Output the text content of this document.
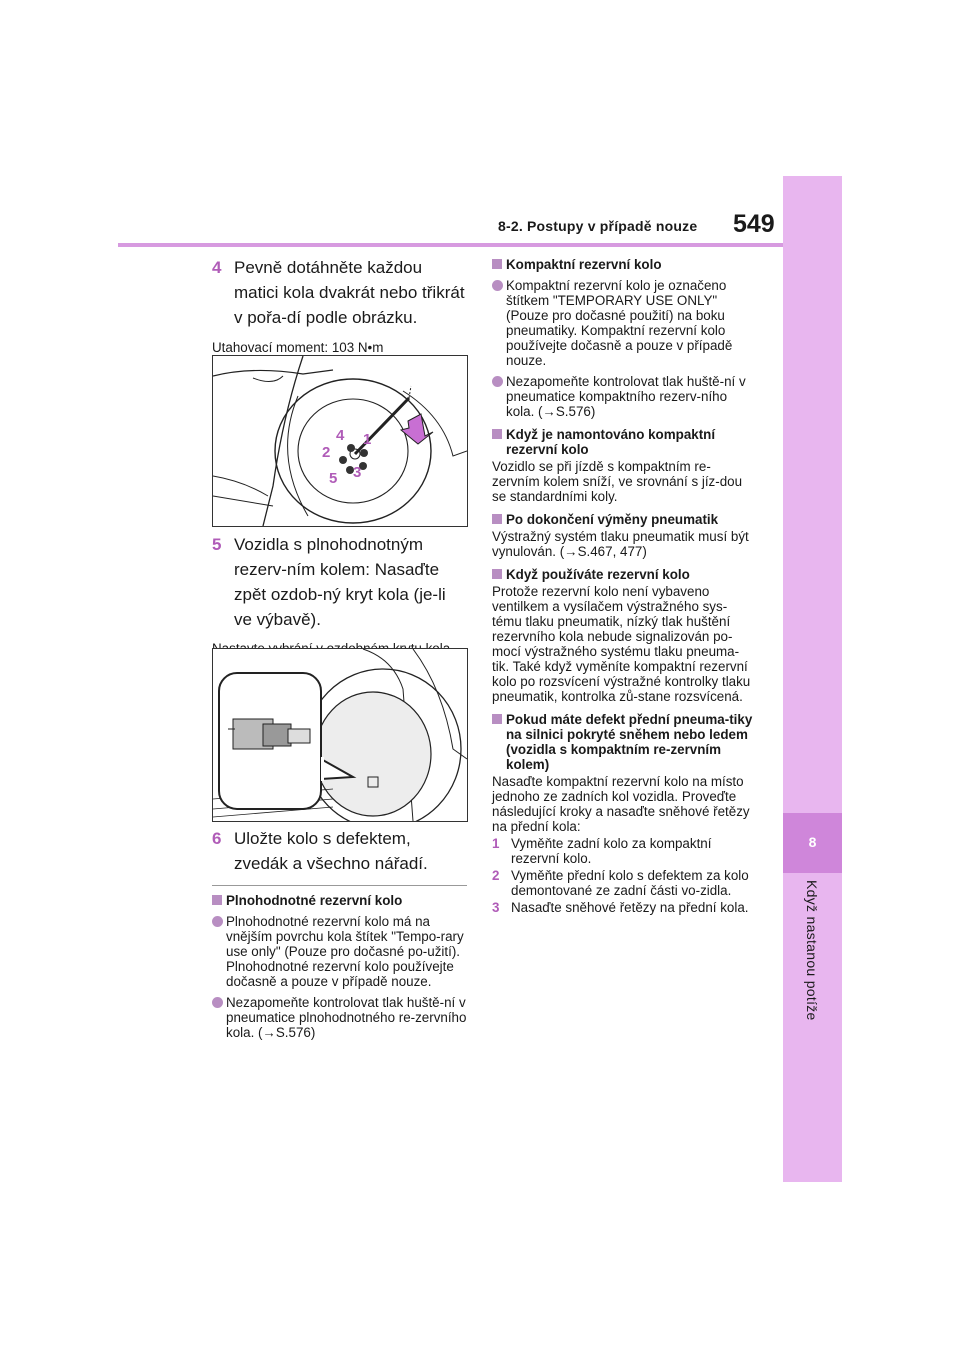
8-2. Postupy v případě nouze 549
8
Když nastanou potíže

4 Pevně dotáhněte každou matici kola dvakrát nebo třikrát v pořa-dí podle obrázku.

Utahovací moment: 103 N•m

1
2
3
4
5

5 Vozidla s plnohodnotným rezerv-ním kolem: Nasaďte zpět ozdob-ný kryt kola (je-li ve výbavě).

6 Uložte kolo s defektem, zvedák a všechno nářadí.

Plnohodnotné rezervní kolo

Plnohodnotné rezervní kolo má na vnějším povrchu kola štítek "Tempo-rary use only" (Pouze pro dočasné po-užití). Plnohodnotné rezervní kolo používejte dočasně a pouze v případě nouze.

Nezapomeňte kontrolovat tlak huště-ní v pneumatice plnohodnotného re-zervního kola. (→S.576)

Kompaktní rezervní kolo

Kompaktní rezervní kolo je označeno štítkem "TEMPORARY USE ONLY" (Pouze pro dočasné použití) na boku pneumatiky. Kompaktní rezervní kolo používejte dočasně a pouze v případě nouze.

Nezapomeňte kontrolovat tlak huště-ní v pneumatice kompaktního rezerv-ního kola. (→S.576)

Když je namontováno kompaktní rezervní kolo

Vozidlo se při jízdě s kompaktním re-zervním kolem sníží, ve srovnání s jíz-dou se standardními koly.

Po dokončení výměny pneumatik

Výstražný systém tlaku pneumatik musí být vynulován. (→S.467, 477)

Když používáte rezervní kolo

Protože rezervní kolo není vybaveno ventilkem a vysílačem výstražného sys-tému tlaku pneumatik, nízký tlak huštění rezervního kola nebude signalizován po-mocí výstražného systému tlaku pneuma-tik. Také když vyměníte kompaktní rezervní kolo po rozsvícení výstražné kontrolky tlaku pneumatik, kontrolka zů-stane rozsvícená.

Pokud máte defekt přední pneuma-tiky na silnici pokryté sněhem nebo ledem (vozidla s kompaktním re-zervním kolem)

Nasaďte kompaktní rezervní kolo na místo jednoho ze zadních kol vozidla. Proveďte následující kroky a nasaďte sněhové řetězy na přední kola:

1 Vyměňte zadní kolo za kompaktní rezervní kolo.

2 Vyměňte přední kolo s defektem za kolo demontované ze zadní části vo-zidla.

3 Nasaďte sněhové řetězy na přední kola.
